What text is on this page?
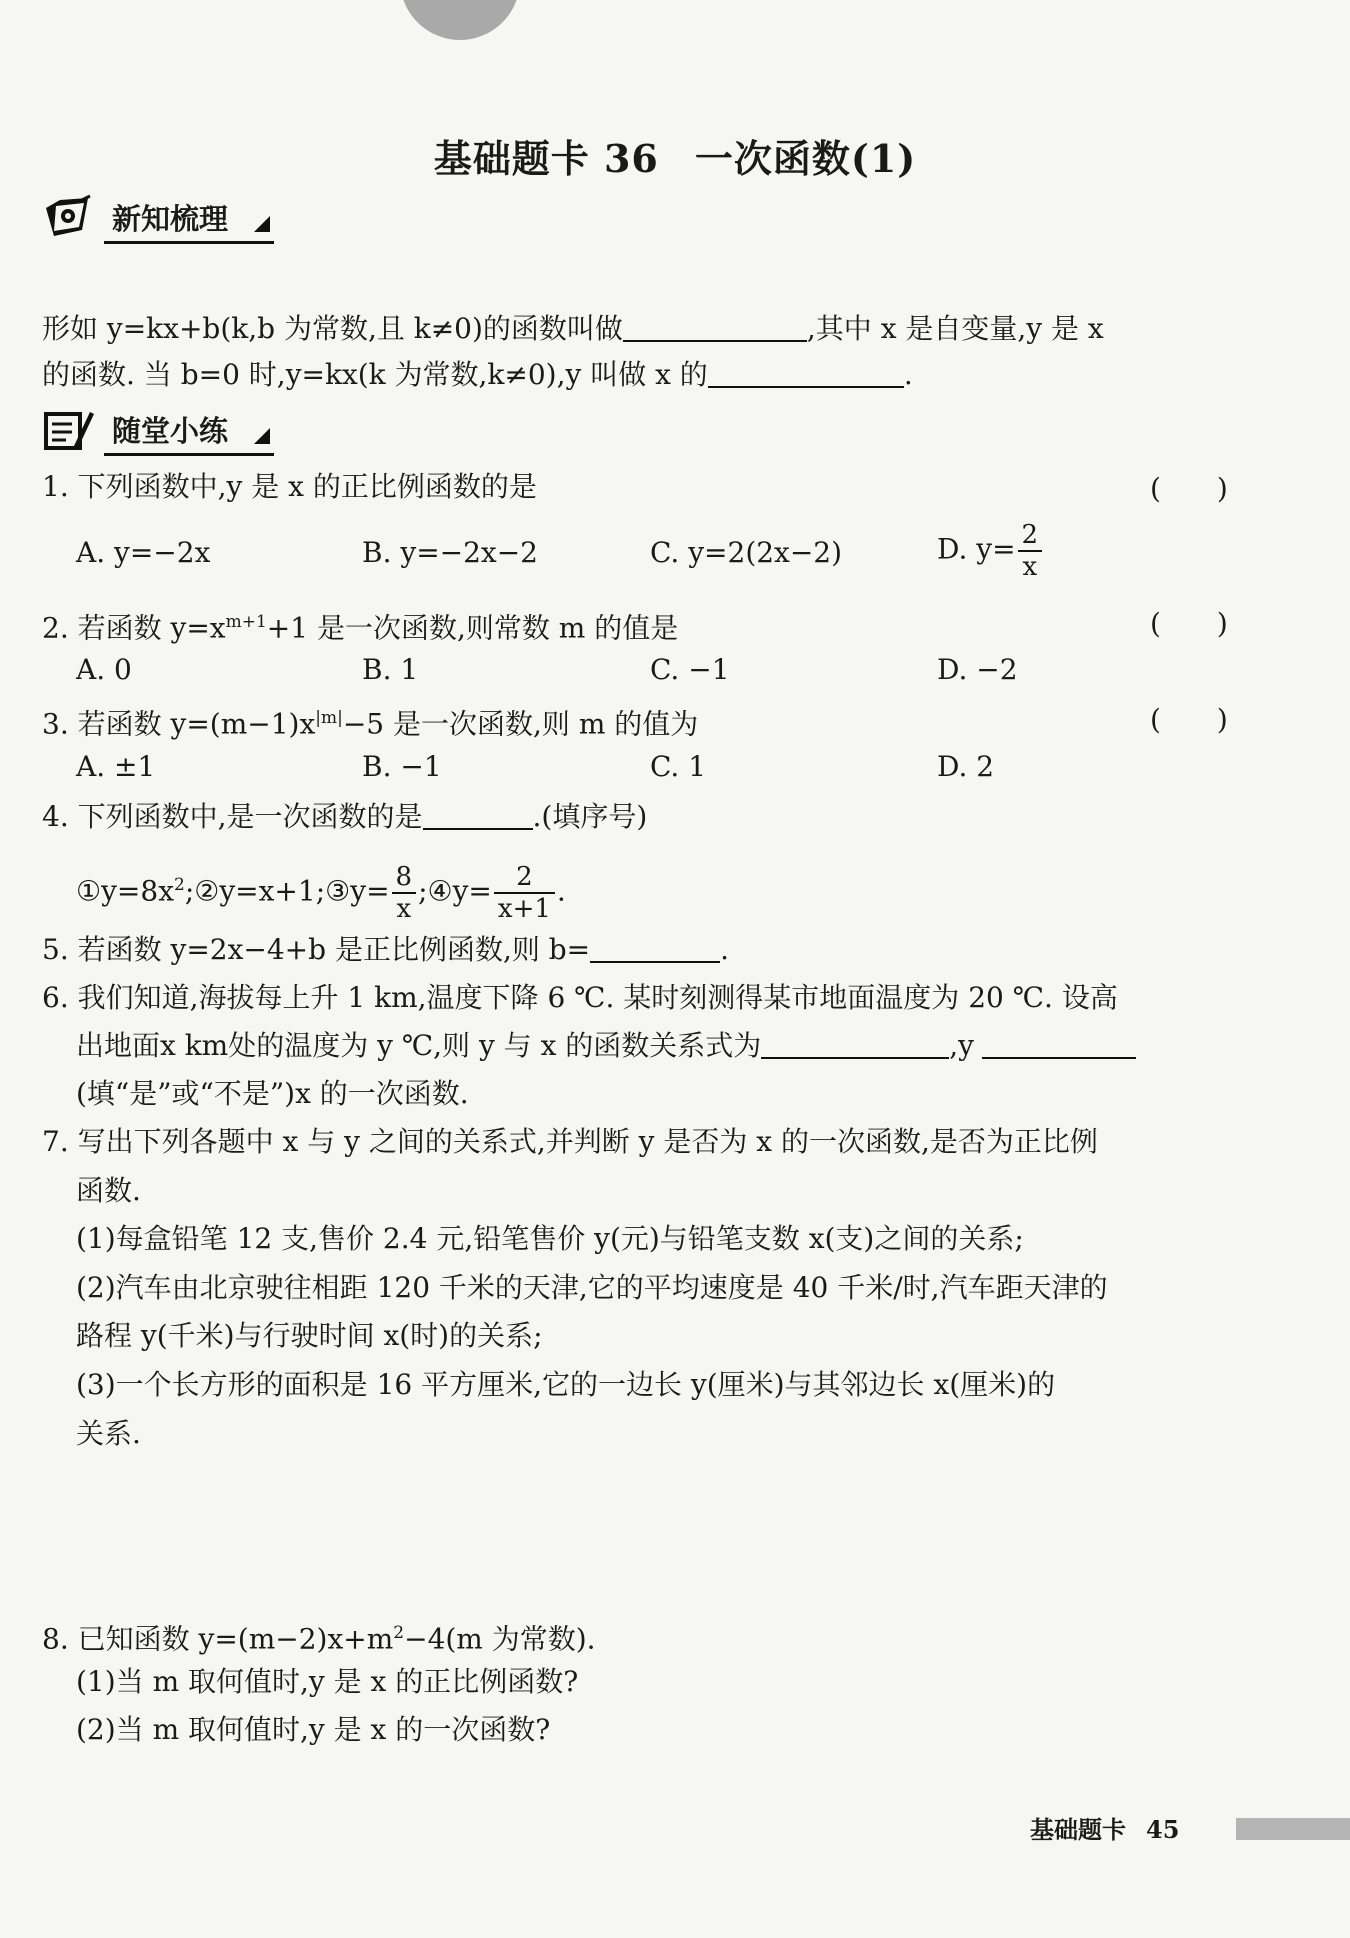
基础题卡 36 一次函数(1)
新知梳理
形如 y=kx+b(k,b 为常数,且 k≠0)的函数叫做	,其中 x 是自变量,y 是 x
的函数. 当 b=0 时,y=kx(k 为常数,k≠0),y 叫做 x 的	.
随堂小练
1. 下列函数中,y 是 x 的正比例函数的是	(　　)
A. y=−2x	B. y=−2x−2	C. y=2(2x−2)	D. $y= \frac{2}{x}$
2. 若函数 $y=x^{m+1}+1$ 是一次函数,则常数 m 的值是	(　　)
A. 0	B. 1	C. −1	D. −2
3. 若函数 $y=(m-1)x^{|m|}-5$ 是一次函数,则 m 的值为	(　　)
A. ±1	B. −1	C. 1	D. 2
4. 下列函数中,是一次函数的是	.(填序号)
$①y=8x^2;②y=x+1;③y= \frac{8}{x}$ ;④y= $\frac{2}{x+1}$ .
5. 若函数 y=2x−4+b 是正比例函数,则 b=	.
6. 我们知道,海拔每上升 1 km,温度下降 6 ℃. 某时刻测得某市地面温度为 20 ℃. 设高
出地面x km处的温度为 y ℃,则 y 与 x 的函数关系式为	,y
(填“是”或“不是”)x 的一次函数.
7. 写出下列各题中 x 与 y 之间的关系式,并判断 y 是否为 x 的一次函数,是否为正比例
函数.
(1)每盒铅笔 12 支,售价 2.4 元,铅笔售价 y(元)与铅笔支数 x(支)之间的关系;
(2)汽车由北京驶往相距 120 千米的天津,它的平均速度是 40 千米/时,汽车距天津的
路程 y(千米)与行驶时间 x(时)的关系;
(3)一个长方形的面积是 16 平方厘米,它的一边长 y(厘米)与其邻边长 x(厘米)的
关系.
8. 已知函数 $y=(m-2)x+m^2-4(m$ 为常数).
(1)当 m 取何值时,y 是 x 的正比例函数?
(2)当 m 取何值时,y 是 x 的一次函数?
基础题卡 45
